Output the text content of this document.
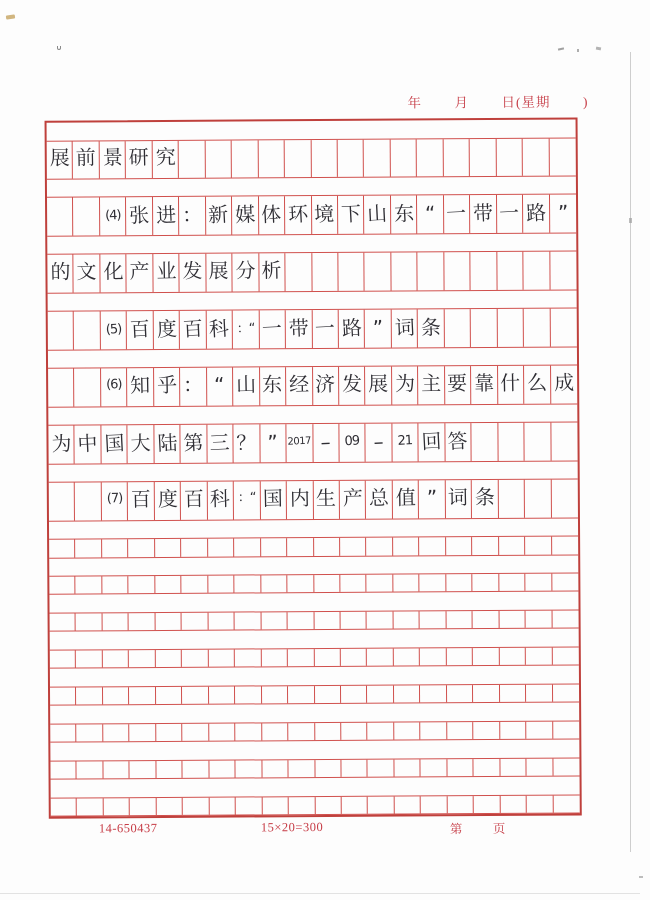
年 月 日(星期 )
展 前 景 研 究
(4) 张 进 ： 新 媒 体 环 境 下 山 东 “ 一 带 一 路 ”
的 文 化 产 业 发 展 分 析
(5) 百 度 百 科 ：“ 一 带 一 路 ” 词 条
(6) 知 乎 ： “ 山 东 经 济 发 展 为 主 要 靠 什 么 成
为 中 国 大 陆 第 三 ？ ” 2017 – 09 – 21 回 答
(7) 百 度 百 科 ：“ 国 内 生 产 总 值 ” 词 条
14-650437	15×20=300	第 页
